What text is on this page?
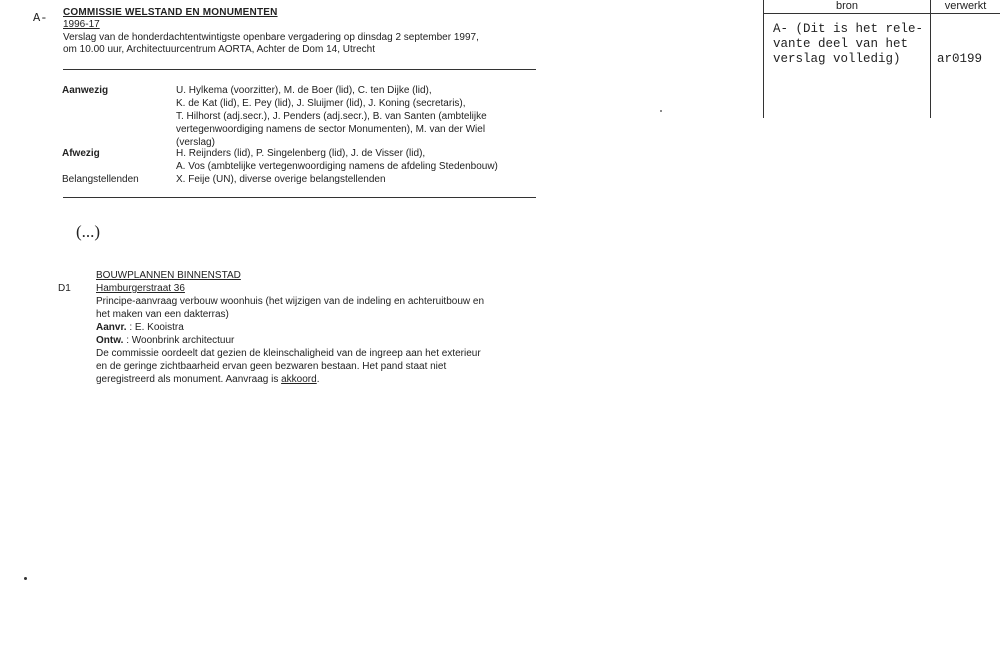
A- COMMISSIE WELSTAND EN MONUMENTEN
1996-17
Verslag van de honderdachtentwintigste openbare vergadering op dinsdag 2 september 1997,
om 10.00 uur, Architectuurcentrum AORTA, Achter de Dom 14, Utrecht
Aanwezig	U. Hylkema (voorzitter), M. de Boer (lid), C. ten Dijke (lid),
K. de Kat (lid), E. Pey (lid), J. Sluijmer (lid), J. Koning (secretaris),
T. Hilhorst (adj.secr.), J. Penders (adj.secr.), B. van Santen (ambtelijke
vertegenwoordiging namens de sector Monumenten), M. van der Wiel
(verslag)
Afwezig	H. Reijnders (lid), P. Singelenberg (lid), J. de Visser (lid),
A. Vos (ambtelijke vertegenwoordiging namens de afdeling Stedenbouw)
Belangstellenden	X. Feije (UN), diverse overige belangstellenden
(...)
BOUWPLANNEN BINNENSTAD
D1	Hamburgerstraat 36
Principe-aanvraag verbouw woonhuis (het wijzigen van de indeling en achteruitbouw en
het maken van een dakterras)
Aanvr. : E. Kooistra
Ontw. : Woonbrink architectuur
De commissie oordeelt dat gezien de kleinschaligheid van de ingreep aan het exterieur
en de geringe zichtbaarheid ervan geen bezwaren bestaan. Het pand staat niet
geregistreerd als monument. Aanvraag is akkoord.
bron	verwerkt
A- (Dit is het rele-
vante deel van het
verslag volledig)	ar0199
